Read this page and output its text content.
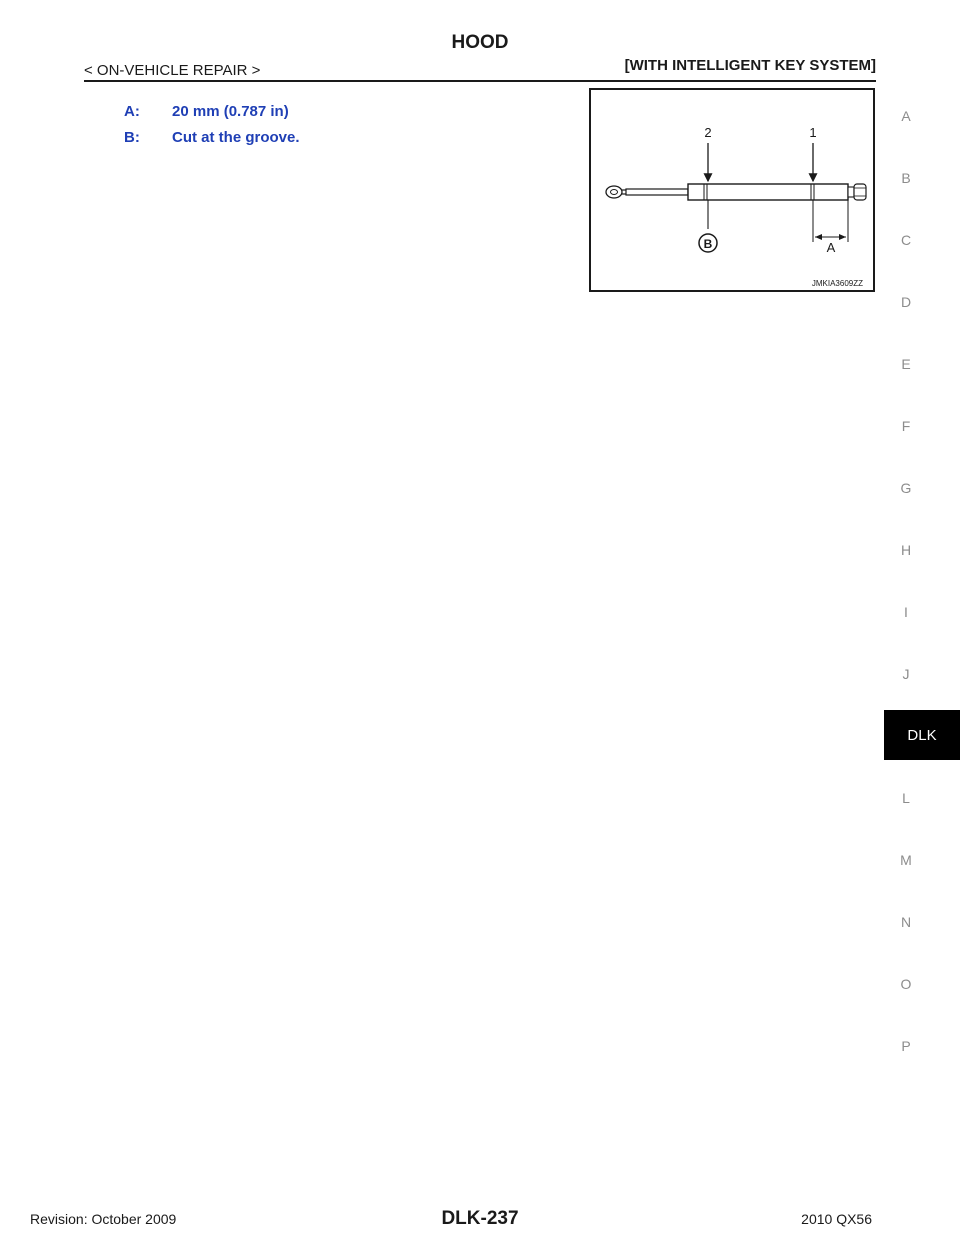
HOOD
< ON-VEHICLE REPAIR >	[WITH INTELLIGENT KEY SYSTEM]
A:	20 mm (0.787 in)
B:	Cut at the groove.	2	1
B	A
JMKIA3609ZZ
A
B
C
D
E
F
G
H
I
J
L
M
N
O
P
DLK
Revision: October 2009	DLK-237	2010 QX56
